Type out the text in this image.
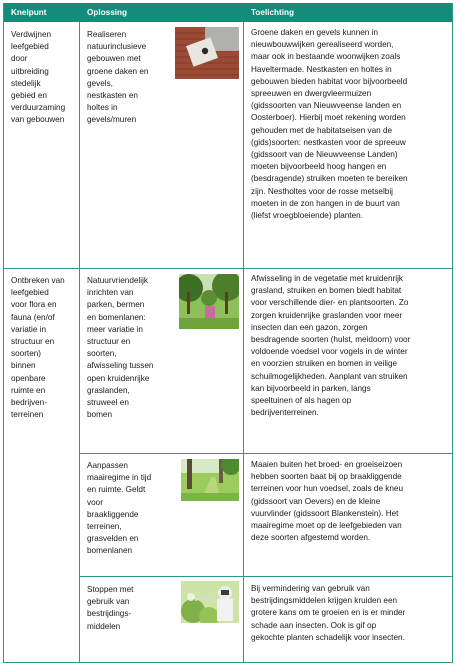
Knelpunt	Oplossing	Toelichting
Verdwijnen
leefgebied
door
uitbreiding
stedelijk
gebied en
verduurzaming
van gebouwen
Realiseren
natuurinclusieve
gebouwen met
groene daken en
gevels,
nestkasten en
holtes in
gevels/muren
Groene daken en gevels kunnen in
nieuwbouwwijken gerealiseerd worden,
maar ook in bestaande woonwijken zoals
Haveltermade. Nestkasten en holtes in
gebouwen bieden habitat voor bijvoorbeeld
spreeuwen en dwergvleermuizen
(gidssoorten van Nieuwveense landen en
Oosterboer). Hierbij moet rekening worden
gehouden met de habitatseisen van de
(gids)soorten: nestkasten voor de spreeuw
(gidssoort van de Nieuwveense Landen)
moeten bijvoorbeeld hoog hangen en
(besdragende) struiken moeten te bereiken
zijn. Nestholtes voor de rosse metselbij
moeten in de zon hangen in de buurt van
(liefst vroegbloeiende) planten.
Ontbreken van
leefgebied
voor flora en
fauna (en/of
variatie in
structuur en
soorten)
binnen
openbare
ruimte en
bedrijven-
terreinen
Natuurvriendelijk
inrichten van
parken, bermen
en bomenlanen:
meer variatie in
structuur en
soorten,
afwisseling tussen
open kruidenrijke
graslanden,
struweel en
bomen
Afwisseling in de vegetatie met kruidenrijk
grasland, struiken en bomen biedt habitat
voor verschillende dier- en plantsoorten. Zo
zorgen kruidenrijke graslanden voor meer
insecten dan een gazon, zorgen
besdragende soorten (hulst, meidoorn) voor
voldoende voedsel voor vogels in de winter
en voorzien struiken en bomen in veilige
schuilmogelijkheden. Aanplant van struiken
kan bijvoorbeeld in parken, langs
speeltuinen of als hagen op
bedrijventerreinen.
Aanpassen
maairegime in tijd
en ruimte. Geldt
voor
braakliggende
terreinen,
grasvelden en
bomenlanen
Maaien buiten het broed- en groeiseizoen
hebben soorten baat bij op braakliggende
terreinen voor hun voedsel, zoals de kneu
(gidssoort van Oevers) en de kleine
vuurvlinder (gidssoort Blankenstein). Het
maairegime moet op de leefgebieden van
deze soorten afgestemd worden.
Stoppen met
gebruik van
bestrijdings-
middelen
Bij vermindering van gebruik van
bestrijdingsmiddelen krijgen kruiden een
grotere kans om te groeien en is er minder
schade aan insecten. Ook is gif op
gekochte planten schadelijk voor insecten.
